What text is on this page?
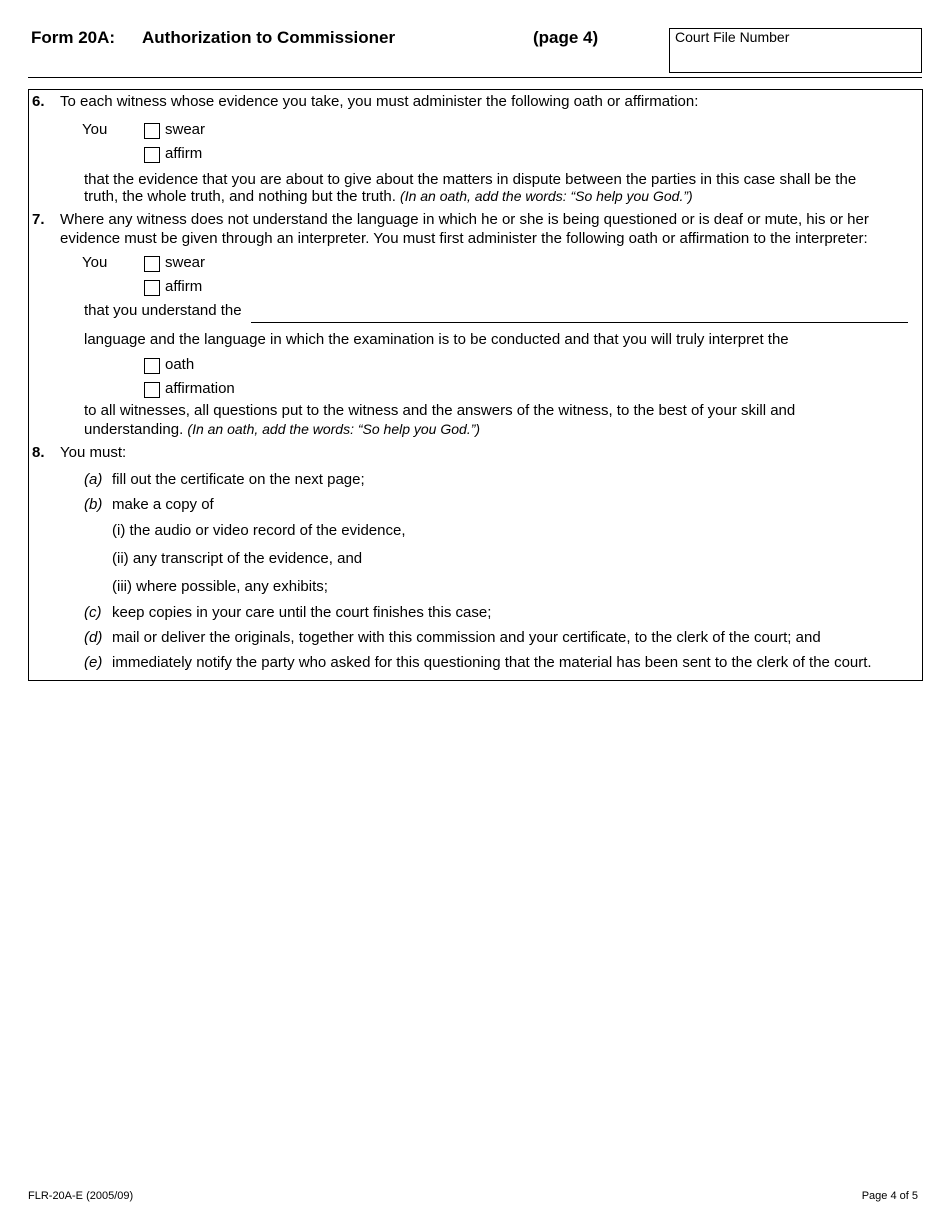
Form 20A: Authorization to Commissioner	(page 4)	Court File Number
6. To each witness whose evidence you take, you must administer the following oath or affirmation:
You	swear
affirm
that the evidence that you are about to give about the matters in dispute between the parties in this case shall be the
truth, the whole truth, and nothing but the truth. (In an oath, add the words: “So help you God.”)
7. Where any witness does not understand the language in which he or she is being questioned or is deaf or mute, his or her
evidence must be given through an interpreter. You must first administer the following oath or affirmation to the interpreter:
You	swear
affirm
that you understand the
language and the language in which the examination is to be conducted and that you will truly interpret the
oath
affirmation
to all witnesses, all questions put to the witness and the answers of the witness, to the best of your skill and
understanding. (In an oath, add the words: “So help you God.”)
8. You must:
(a) fill out the certificate on the next page;
(b) make a copy of
(i) the audio or video record of the evidence,
(ii) any transcript of the evidence, and
(iii) where possible, any exhibits;
(c) keep copies in your care until the court finishes this case;
(d) mail or deliver the originals, together with this commission and your certificate, to the clerk of the court; and
(e) immediately notify the party who asked for this questioning that the material has been sent to the clerk of the court.
FLR-20A-E (2005/09)	Page 4 of 5
